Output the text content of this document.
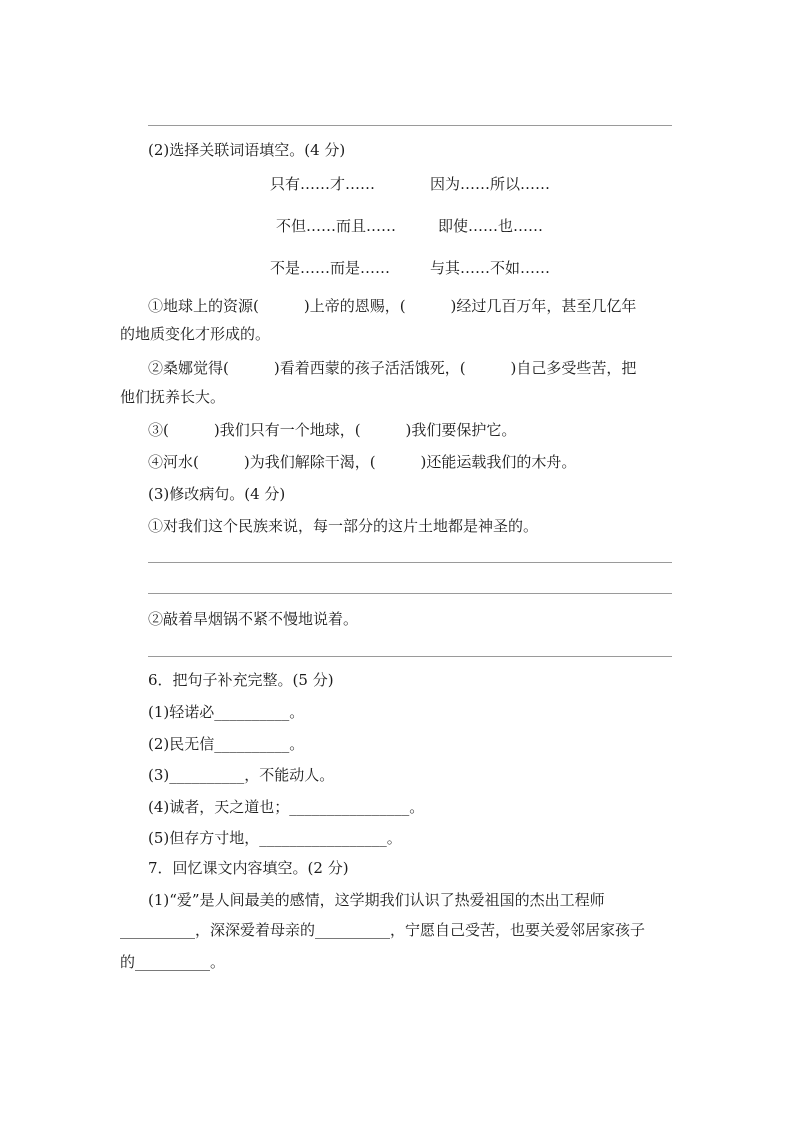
(2)选择关联词语填空。(4 分)
只有……才……	因为……所以……
不但……而且……	即使……也……
不是……而是……	与其……不如……
①地球上的资源(　　　)上帝的恩赐，(　　　)经过几百万年，甚至几亿年
的地质变化才形成的。
②桑娜觉得(　　　)看着西蒙的孩子活活饿死，(　　　)自己多受些苦，把
他们抚养长大。
③(　　　)我们只有一个地球，(　　　)我们要保护它。
④河水(　　　)为我们解除干渴，(　　　)还能运载我们的木舟。
(3)修改病句。(4 分)
①对我们这个民族来说，每一部分的这片土地都是神圣的。
②敲着旱烟锅不紧不慢地说着。
6．把句子补充完整。(5 分)
(1)轻诺必__________。
(2)民无信__________。
(3)__________，不能动人。
(4)诚者，天之道也；________________。
(5)但存方寸地，_________________。
7．回忆课文内容填空。(2 分)
(1)“爱”是人间最美的感情，这学期我们认识了热爱祖国的杰出工程师
__________，深深爱着母亲的__________，宁愿自己受苦，也要关爱邻居家孩子
的__________。
